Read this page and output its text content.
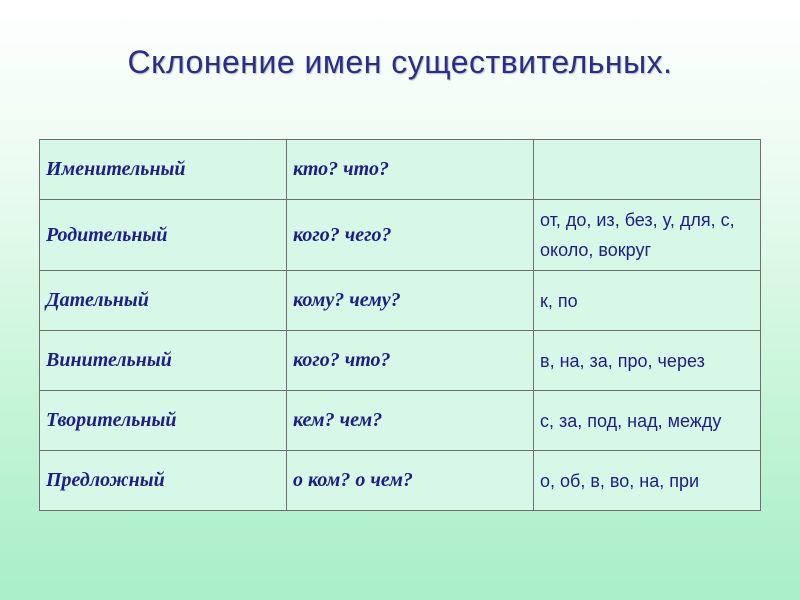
Склонение имен существительных.
Именительный	кто? что?	
Родительный	кого? чего?	от, до, из, без, у, для, с, около, вокруг
Дательный	кому? чему?	к, по
Винительный	кого? что?	в, на, за, про, через
Творительный	кем? чем?	с, за, под, над, между
Предложный	о ком? о чем?	о, об, в, во, на, при
